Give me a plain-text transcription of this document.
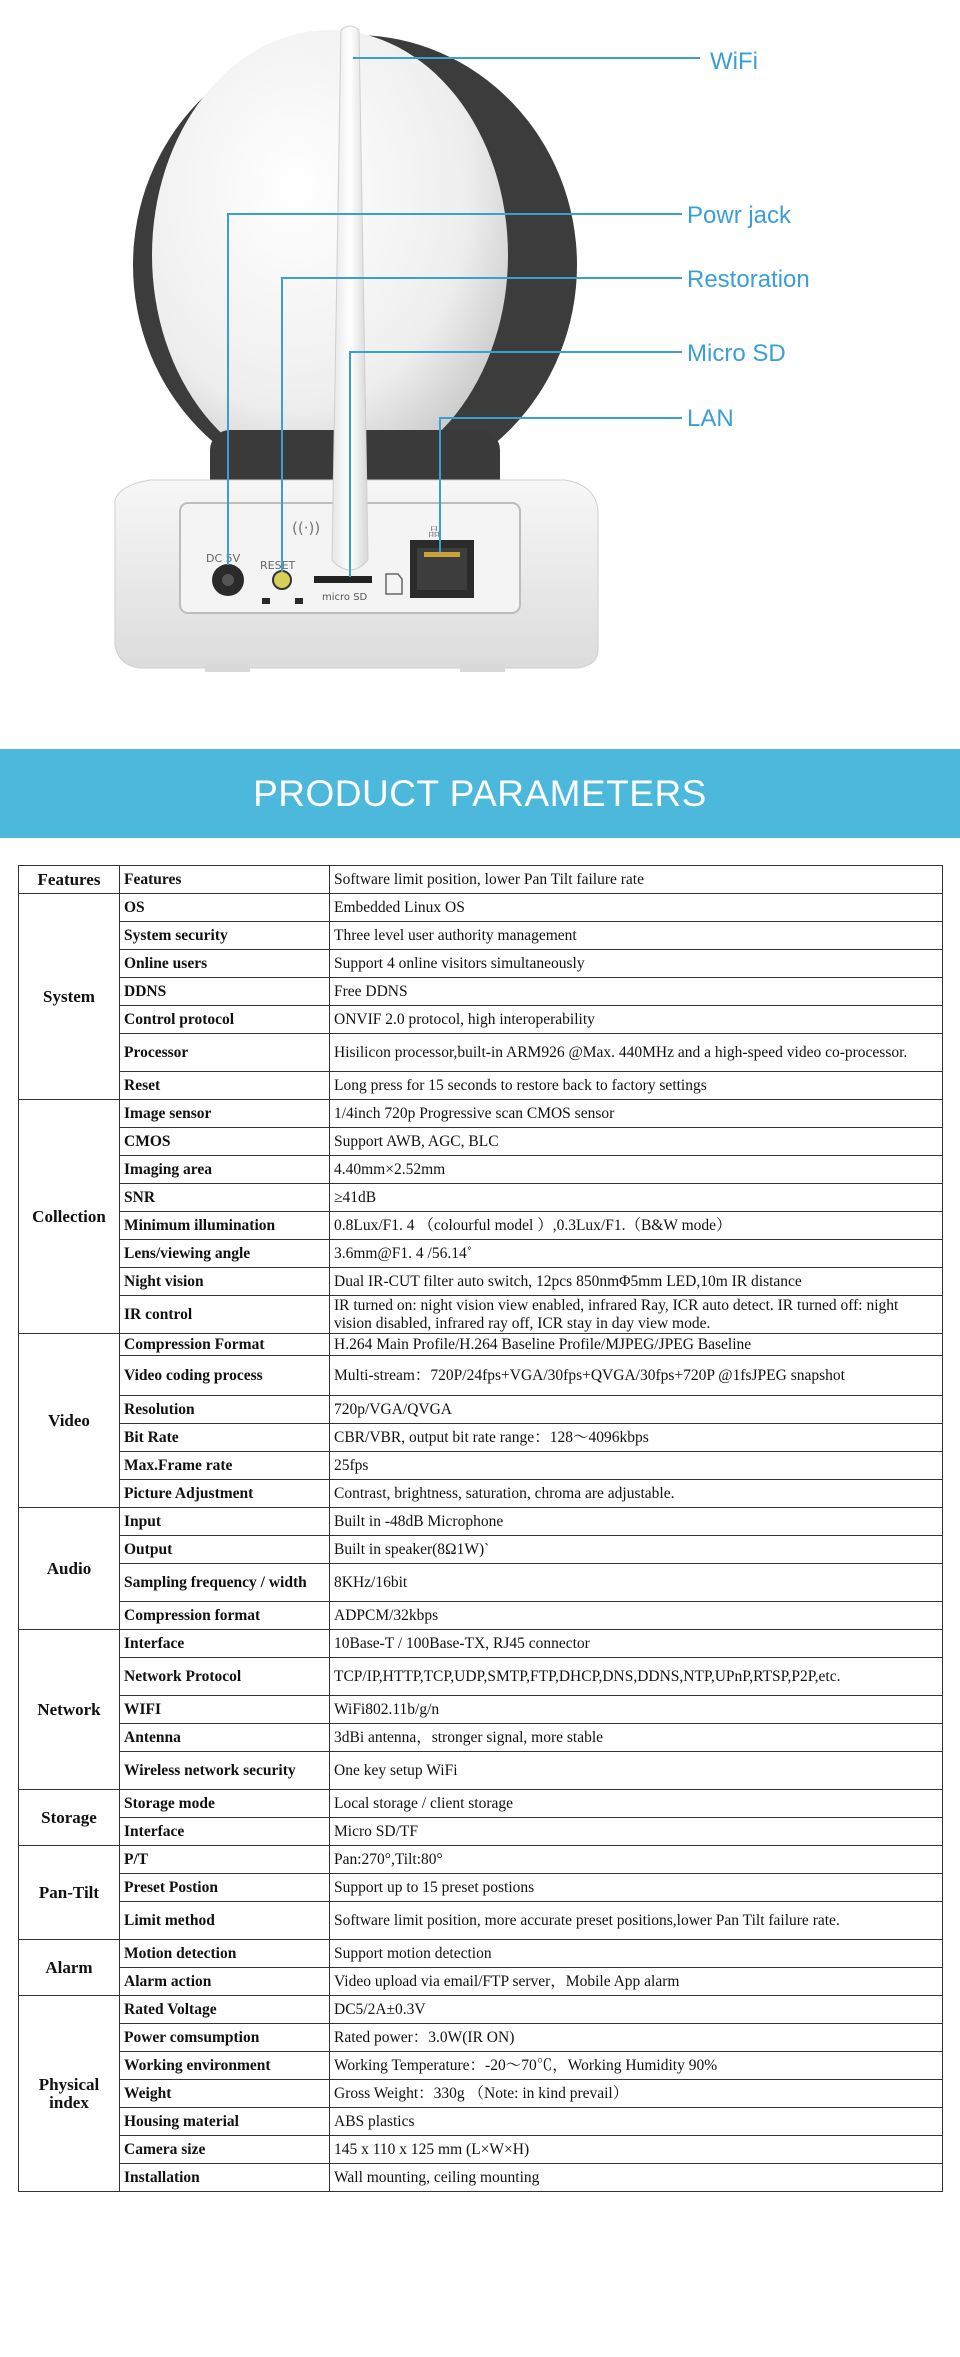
DC 5V
RESET
((·))
micro SD
品
WiFi
Powr jack
Restoration
Micro SD
LAN
PRODUCT PARAMETERS
Features	Features	Software limit position, lower Pan Tilt failure rate
System	OS	Embedded Linux OS
	System security	Three level user authority management
	Online users	Support 4 online visitors simultaneously
	DDNS	Free DDNS
	Control protocol	ONVIF 2.0 protocol, high interoperability
	Processor	Hisilicon processor,built-in ARM926 @Max. 440MHz and a high-speed video co-processor.
	Reset	Long press for 15 seconds to restore back to factory settings
Collection	Image sensor	1/4inch 720p Progressive scan CMOS sensor
	CMOS	Support AWB, AGC, BLC
	Imaging area	4.40mm×2.52mm
	SNR	≥41dB
	Minimum illumination	0.8Lux/F1. 4 （colourful model ）,0.3Lux/F1.（B&W mode）
	Lens/viewing angle	3.6mm@F1. 4 /56.14˚
	Night vision	Dual IR-CUT filter auto switch, 12pcs 850nmΦ5mm LED,10m IR distance
	IR control	IR turned on: night vision view enabled, infrared Ray, ICR auto detect. IR turned off: night vision disabled, infrared ray off, ICR stay in day view mode.
Video	Compression Format	H.264 Main Profile/H.264 Baseline Profile/MJPEG/JPEG Baseline
	Video coding process	Multi-stream：720P/24fps+VGA/30fps+QVGA/30fps+720P @1fsJPEG snapshot
	Resolution	720p/VGA/QVGA
	Bit Rate	CBR/VBR, output bit rate range：128～4096kbps
	Max.Frame rate	25fps
	Picture Adjustment	Contrast, brightness, saturation, chroma are adjustable.
Audio	Input	Built in -48dB Microphone
	Output	Built in speaker(8Ω1W)`
	Sampling frequency / width	8KHz/16bit
	Compression format	ADPCM/32kbps
Network	Interface	10Base-T / 100Base-TX, RJ45 connector
	Network Protocol	TCP/IP,HTTP,TCP,UDP,SMTP,FTP,DHCP,DNS,DDNS,NTP,UPnP,RTSP,P2P,etc.
	WIFI	WiFi802.11b/g/n
	Antenna	3dBi antenna，stronger signal, more stable
	Wireless network security	One key setup WiFi
Storage	Storage mode	Local storage / client storage
	Interface	Micro SD/TF
Pan-Tilt	P/T	Pan:270°,Tilt:80°
	Preset Postion	Support up to 15 preset postions
	Limit method	Software limit position, more accurate preset positions,lower Pan Tilt failure rate.
Alarm	Motion detection	Support motion detection
	Alarm action	Video upload via email/FTP server，Mobile App alarm
Physical index	Rated Voltage	DC5/2A±0.3V
	Power comsumption	Rated power：3.0W(IR ON)
	Working environment	Working Temperature：-20～70℃，Working Humidity 90%
	Weight	Gross Weight：330g （Note: in kind prevail）
	Housing material	ABS plastics
	Camera size	145 x 110 x 125 mm (L×W×H)
	Installation	Wall mounting, ceiling mounting
